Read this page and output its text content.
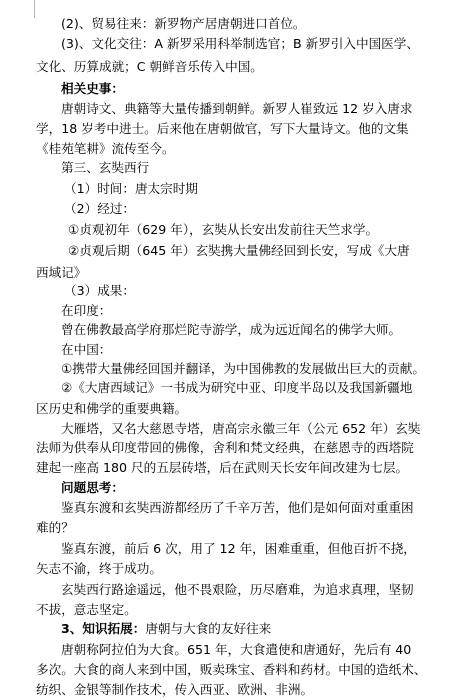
(2)、贸易往来：新罗物产居唐朝进口首位。
(3)、文化交往：A 新罗采用科举制选官；B 新罗引入中国医学、
文化、历算成就；C 朝鲜音乐传入中国。
相关史事：
唐朝诗文、典籍等大量传播到朝鲜。新罗人崔致远 12 岁入唐求
学，18 岁考中进士。后来他在唐朝做官，写下大量诗文。他的文集
《桂苑笔耕》流传至今。
第三、玄奘西行
（1）时间：唐太宗时期
（2）经过：
①贞观初年（629 年），玄奘从长安出发前往天竺求学。
②贞观后期（645 年）玄奘携大量佛经回到长安，写成《大唐
西域记》
（3）成果：
在印度：
曾在佛教最高学府那烂陀寺游学，成为远近闻名的佛学大师。
在中国：
①携带大量佛经回国并翻译，为中国佛教的发展做出巨大的贡献。
②《大唐西域记》一书成为研究中亚、印度半岛以及我国新疆地
区历史和佛学的重要典籍。
大雁塔，又名大慈恩寺塔，唐高宗永徽三年（公元 652 年）玄奘
法师为供奉从印度带回的佛像，舍利和梵文经典，在慈恩寺的西塔院
建起一座高 180 尺的五层砖塔，后在武则天长安年间改建为七层。
问题思考：
鉴真东渡和玄奘西游都经历了千辛万苦，他们是如何面对重重困
难的？
鉴真东渡，前后 6 次，用了 12 年，困难重重，但他百折不挠，
矢志不渝，终于成功。
玄奘西行路途遥远，他不畏艰险，历尽磨难，为追求真理，坚韧
不拔，意志坚定。
3、知识拓展：唐朝与大食的友好往来
唐朝称阿拉伯为大食。651 年，大食遣使和唐通好，先后有 40
多次。大食的商人来到中国，贩卖珠宝、香料和药材。中国的造纸术、
纺织、金银等制作技术，传入西亚、欧洲、非洲。
